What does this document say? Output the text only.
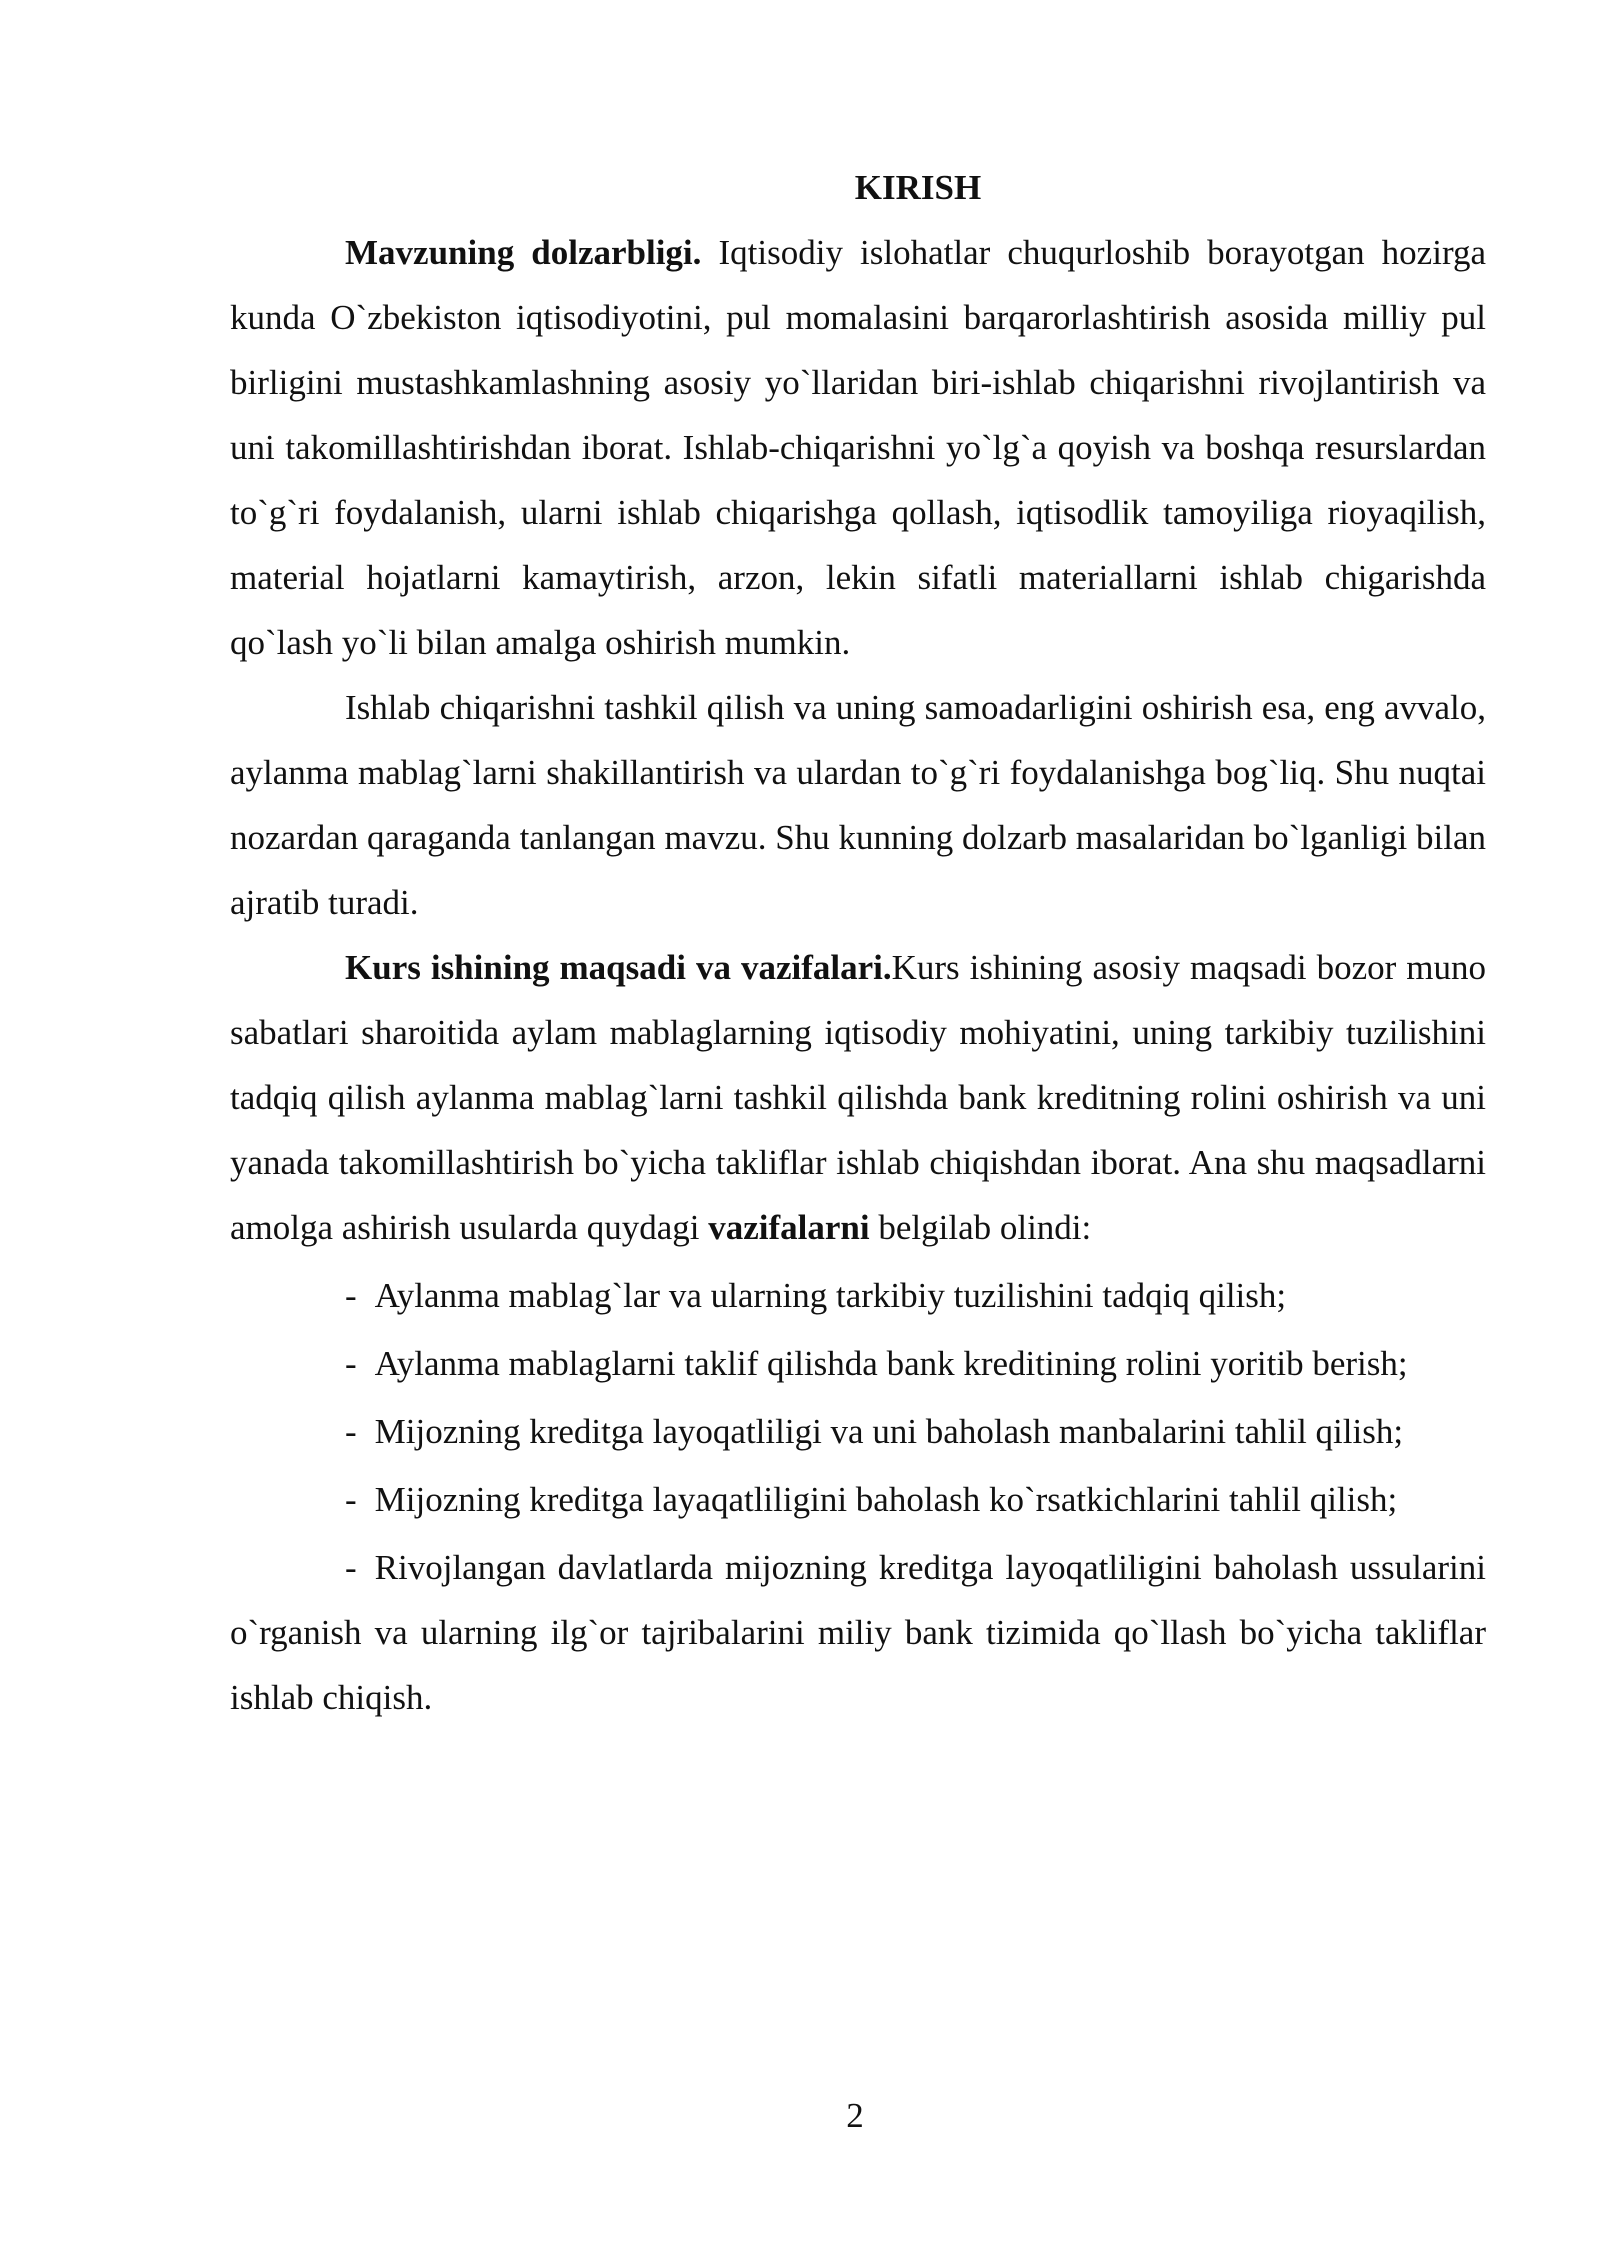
KIRISH

Mavzuning dolzarbligi. Iqtisodiy islohatlar chuqurloshib borayotgan hozirga kunda O`zbekiston iqtisodiyotini, pul momalasini barqarorlashtirish asosida milliy pul birligini mustashkamlashning asosiy yo`llaridan biri-ishlab chiqarishni rivojlantirish va uni takomillashtirishdan iborat. Ishlab-chiqarishni yo`lg`a qoyish va boshqa resurslardan to`g`ri foydalanish, ularni ishlab chiqarishga qollash, iqtisodlik tamoyiliga rioyaqilish, material hojatlarni kamaytirish, arzon, lekin sifatli materiallarni ishlab chigarishda qo`lash yo`li bilan amalga oshirish mumkin.

Ishlab chiqarishni tashkil qilish va uning samoadarligini oshirish esa, eng avvalo, aylanma mablag`larni shakillantirish va ulardan to`g`ri foydalanishga bog`liq. Shu nuqtai nozardan qaraganda tanlangan mavzu. Shu kunning dolzarb masalaridan bo`lganligi bilan ajratib turadi.

Kurs ishining maqsadi va vazifalari.Kurs ishining asosiy maqsadi bozor muno sabatlari sharoitida aylam mablaglarning iqtisodiy mohiyatini, uning tarkibiy tuzilishini tadqiq qilish aylanma mablag`larni tashkil qilishda bank kreditning rolini oshirish va uni yanada takomillashtirish bo`yicha takliflar ishlab chiqishdan iborat. Ana shu maqsadlarni amolga ashirish usularda quydagi vazifalarni belgilab olindi:

- Aylanma mablag`lar va ularning tarkibiy tuzilishini tadqiq qilish;

- Aylanma mablaglarni taklif qilishda bank kreditining rolini yoritib berish;

- Mijozning kreditga layoqatliligi va uni baholash manbalarini tahlil qilish;

- Mijozning kreditga layaqatliligini baholash ko`rsatkichlarini tahlil qilish;

- Rivojlangan davlatlarda mijozning kreditga layoqatliligini baholash ussularini o`rganish va ularning ilg`or tajribalarini miliy bank tizimida qo`llash bo`yicha takliflar ishlab chiqish.

2
